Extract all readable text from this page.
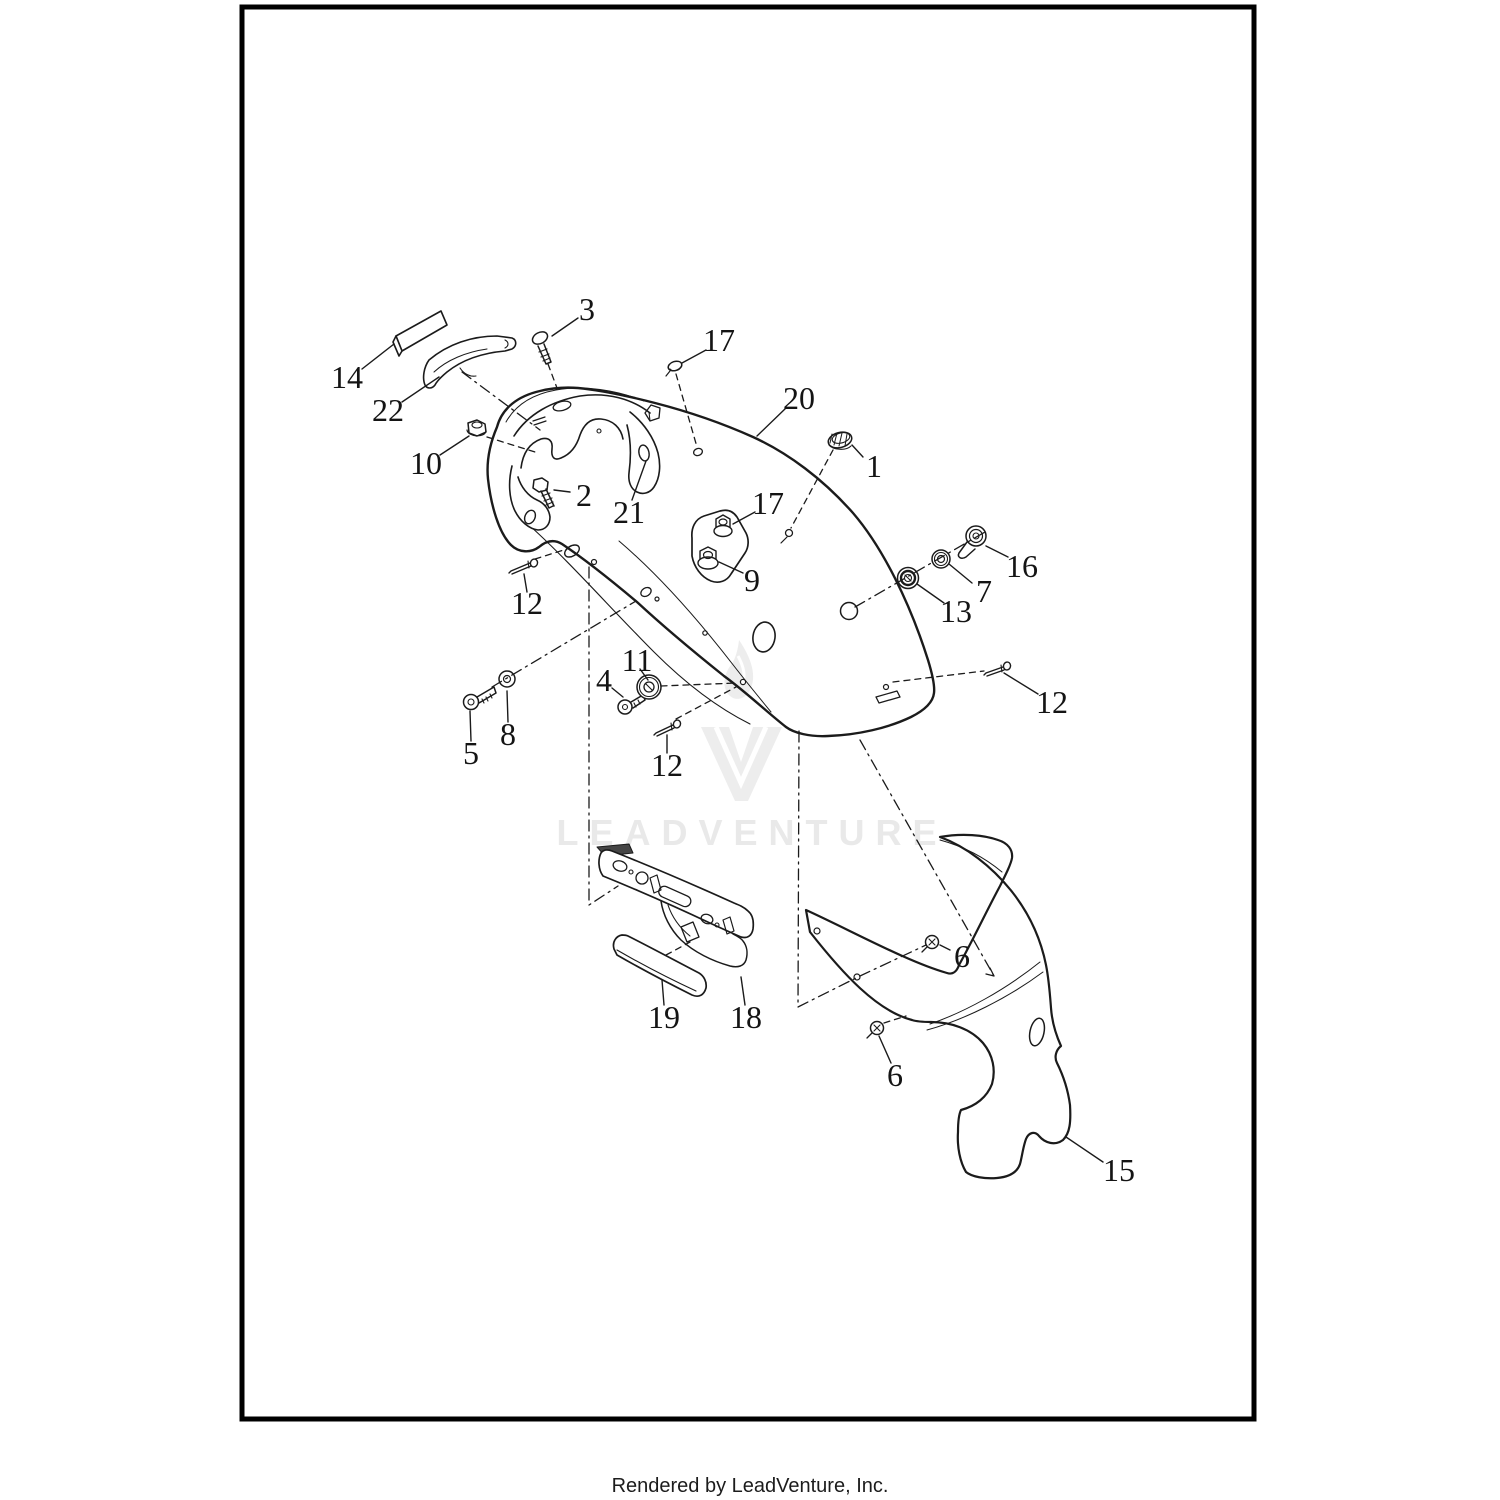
LEADVENTURE
3
17
20
1
14
22
10
2 21	17
9	16
7
13
12
12
11
4
12
5
8
6
19 18
6
15
Rendered by LeadVenture, Inc.
